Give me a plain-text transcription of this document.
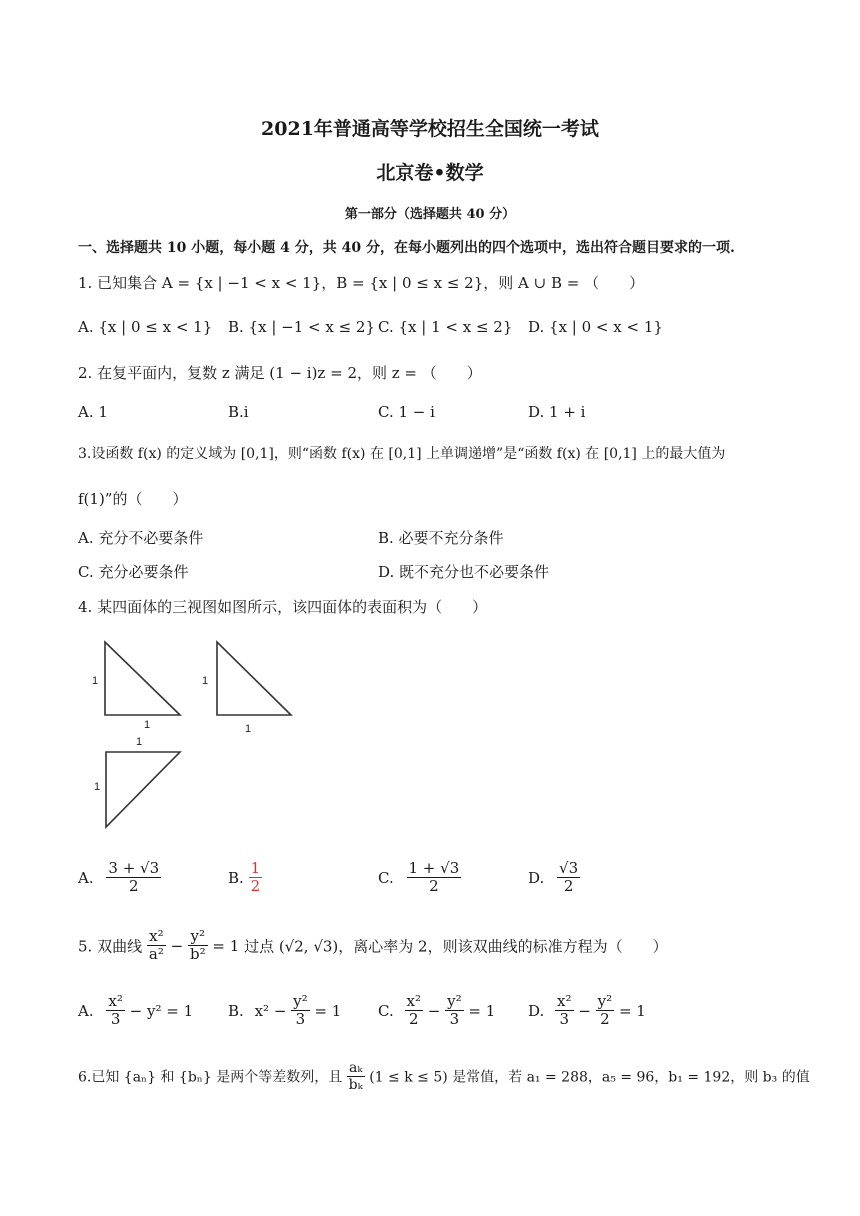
2021年普通高等学校招生全国统一考试
北京卷•数学
第一部分（选择题共 40 分）
一、选择题共 10 小题，每小题 4 分，共 40 分，在每小题列出的四个选项中，选出符合题目要求的一项.
1. 已知集合 A = {x | −1 < x < 1}，B = {x | 0 ≤ x ≤ 2}，则 A ∪ B = （　　）
A. {x | 0 ≤ x < 1} B. {x | −1 < x ≤ 2} C. {x | 1 < x ≤ 2} D. {x | 0 < x < 1}
2. 在复平面内，复数 z 满足 (1 − i)z = 2，则 z = （　　）
A. 1	B.i	C. 1 − i	D. 1 + i
3.设函数 f(x) 的定义域为 [0,1]，则“函数 f(x) 在 [0,1] 上单调递增”是“函数 f(x) 在 [0,1] 上的最大值为
f(1)”的（　　）
A. 充分不必要条件	B. 必要不充分条件
C. 充分必要条件	D. 既不充分也不必要条件
4. 某四面体的三视图如图所示，该四面体的表面积为（　　）
1
1
1
1
1
1
A. $\frac{3 + √3}{2}$	B. $\frac{1}{2}$	C. $\frac{1 + √3}{2}$	D. $\frac{√3}{2}$
5. 双曲线 $\frac{\text{x²}}{\text{a²}} - \frac{\text{y²}}{\text{b²}} = 1$ 过点 (√2, √3)，离心率为 2，则该双曲线的标准方程为（　　）
A. $\frac{\text{x²}}{3} - y^2 = 1$ B. $x^2 - \frac{\text{y²}}{3} = 1$ C. $\frac{\text{x²}}{2} - \frac{\text{y²}}{3} = 1$ D. $\frac{\text{x²}}{3} - \frac{\text{y²}}{2} = 1$
6.已知 {aₙ} 和 {bₙ} 是两个等差数列，且 $\frac{\text{aₖ}}{\text{bₖ}} (1 \le k \le 5)$ 是常值，若 a₁ = 288，a₅ = 96，b₁ = 192，则 b₃ 的值
